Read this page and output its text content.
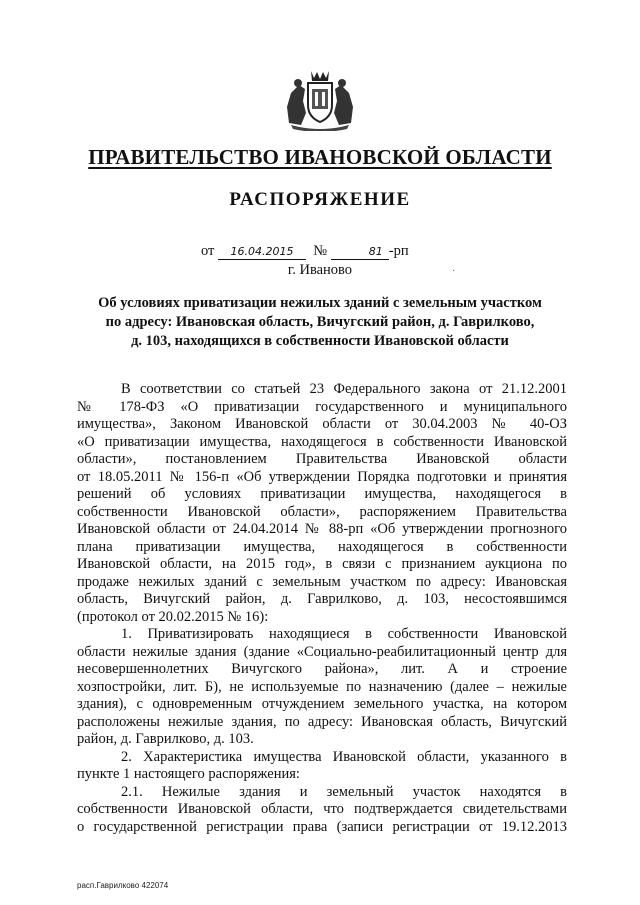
ПРАВИТЕЛЬСТВО ИВАНОВСКОЙ ОБЛАСТИ
РАСПОРЯЖЕНИЕ
от 16.04.2015 №	81 -рп
г. Иваново	·
Об условиях приватизации нежилых зданий с земельным участком
по адресу: Ивановская область, Вичугский район, д. Гаврилково,
д. 103, находящихся в собственности Ивановской области
В соответствии со статьей 23 Федерального закона от 21.12.2001
№ 178-ФЗ «О приватизации государственного и муниципального
имущества», Законом Ивановской области от 30.04.2003 № 40-ОЗ
«О приватизации имущества, находящегося в собственности Ивановской
области», постановлением Правительства Ивановской области
от 18.05.2011 № 156-п «Об утверждении Порядка подготовки и принятия
решений об условиях приватизации имущества, находящегося в
собственности Ивановской области», распоряжением Правительства
Ивановской области от 24.04.2014 № 88-рп «Об утверждении прогнозного
плана приватизации имущества, находящегося в собственности
Ивановской области, на 2015 год», в связи с признанием аукциона по
продаже нежилых зданий с земельным участком по адресу: Ивановская
область, Вичугский район, д. Гаврилково, д. 103, несостоявшимся
(протокол от 20.02.2015 № 16):
1. Приватизировать находящиеся в собственности Ивановской
области нежилые здания (здание «Социально-реабилитационный центр для
несовершеннолетних Вичугского района», лит. А и строение
хозпостройки, лит. Б), не используемые по назначению (далее – нежилые
здания), с одновременным отчуждением земельного участка, на котором
расположены нежилые здания, по адресу: Ивановская область, Вичугский
район, д. Гаврилково, д. 103.
2. Характеристика имущества Ивановской области, указанного в
пункте 1 настоящего распоряжения:
2.1. Нежилые здания и земельный участок находятся в
собственности Ивановской области, что подтверждается свидетельствами
о государственной регистрации права (записи регистрации от 19.12.2013
расп.Гаврилково 422074
